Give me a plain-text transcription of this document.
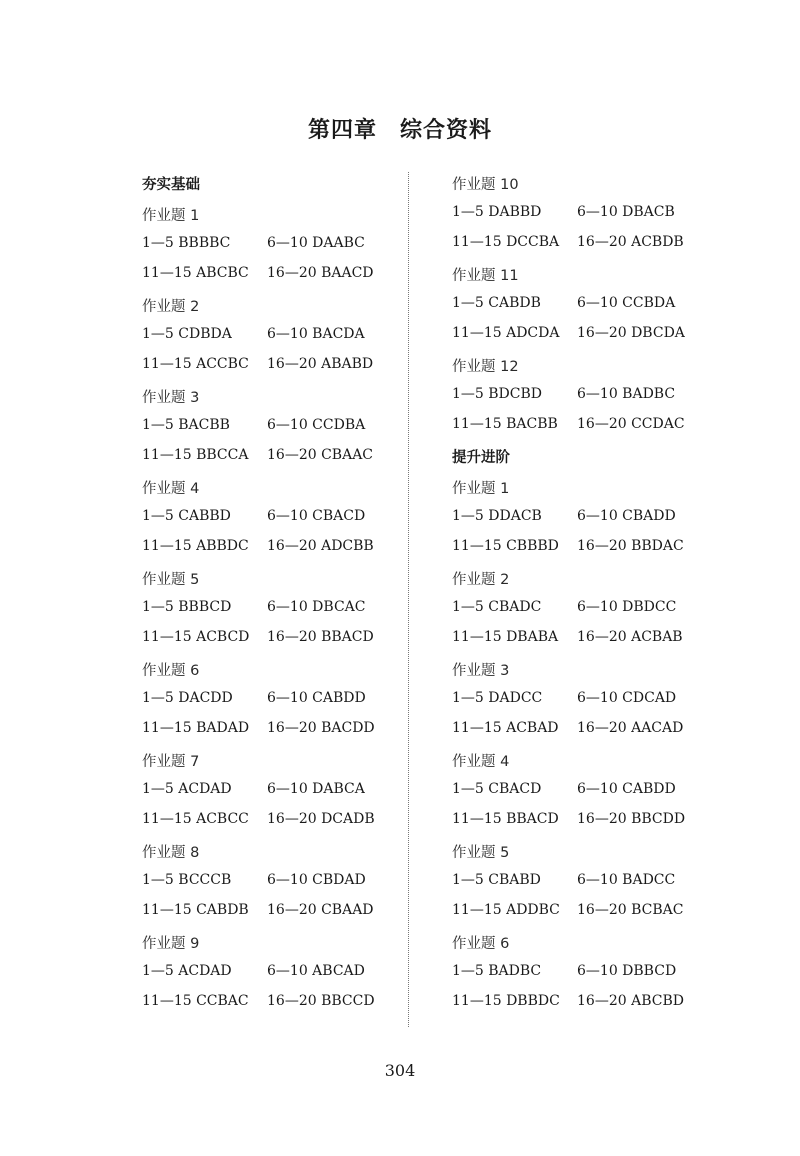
第四章　综合资料
夯实基础
作业题 1
1—5 BBBBC	6—10 DAABC
11—15 ABCBC	16—20 BAACD
作业题 2
1—5 CDBDA	6—10 BACDA
11—15 ACCBC	16—20 ABABD
作业题 3
1—5 BACBB	6—10 CCDBA
11—15 BBCCA	16—20 CBAAC
作业题 4
1—5 CABBD	6—10 CBACD
11—15 ABBDC	16—20 ADCBB
作业题 5
1—5 BBBCD	6—10 DBCAC
11—15 ACBCD	16—20 BBACD
作业题 6
1—5 DACDD	6—10 CABDD
11—15 BADAD	16—20 BACDD
作业题 7
1—5 ACDAD	6—10 DABCA
11—15 ACBCC	16—20 DCADB
作业题 8
1—5 BCCCB	6—10 CBDAD
11—15 CABDB	16—20 CBAAD
作业题 9
1—5 ACDAD	6—10 ABCAD
11—15 CCBAC	16—20 BBCCD
作业题 10
1—5 DABBD	6—10 DBACB
11—15 DCCBA	16—20 ACBDB
作业题 11
1—5 CABDB	6—10 CCBDA
11—15 ADCDA	16—20 DBCDA
作业题 12
1—5 BDCBD	6—10 BADBC
11—15 BACBB	16—20 CCDAC
提升进阶
作业题 1
1—5 DDACB	6—10 CBADD
11—15 CBBBD	16—20 BBDAC
作业题 2
1—5 CBADC	6—10 DBDCC
11—15 DBABA	16—20 ACBAB
作业题 3
1—5 DADCC	6—10 CDCAD
11—15 ACBAD	16—20 AACAD
作业题 4
1—5 CBACD	6—10 CABDD
11—15 BBACD	16—20 BBCDD
作业题 5
1—5 CBABD	6—10 BADCC
11—15 ADDBC	16—20 BCBAC
作业题 6
1—5 BADBC	6—10 DBBCD
11—15 DBBDC	16—20 ABCBD
304
